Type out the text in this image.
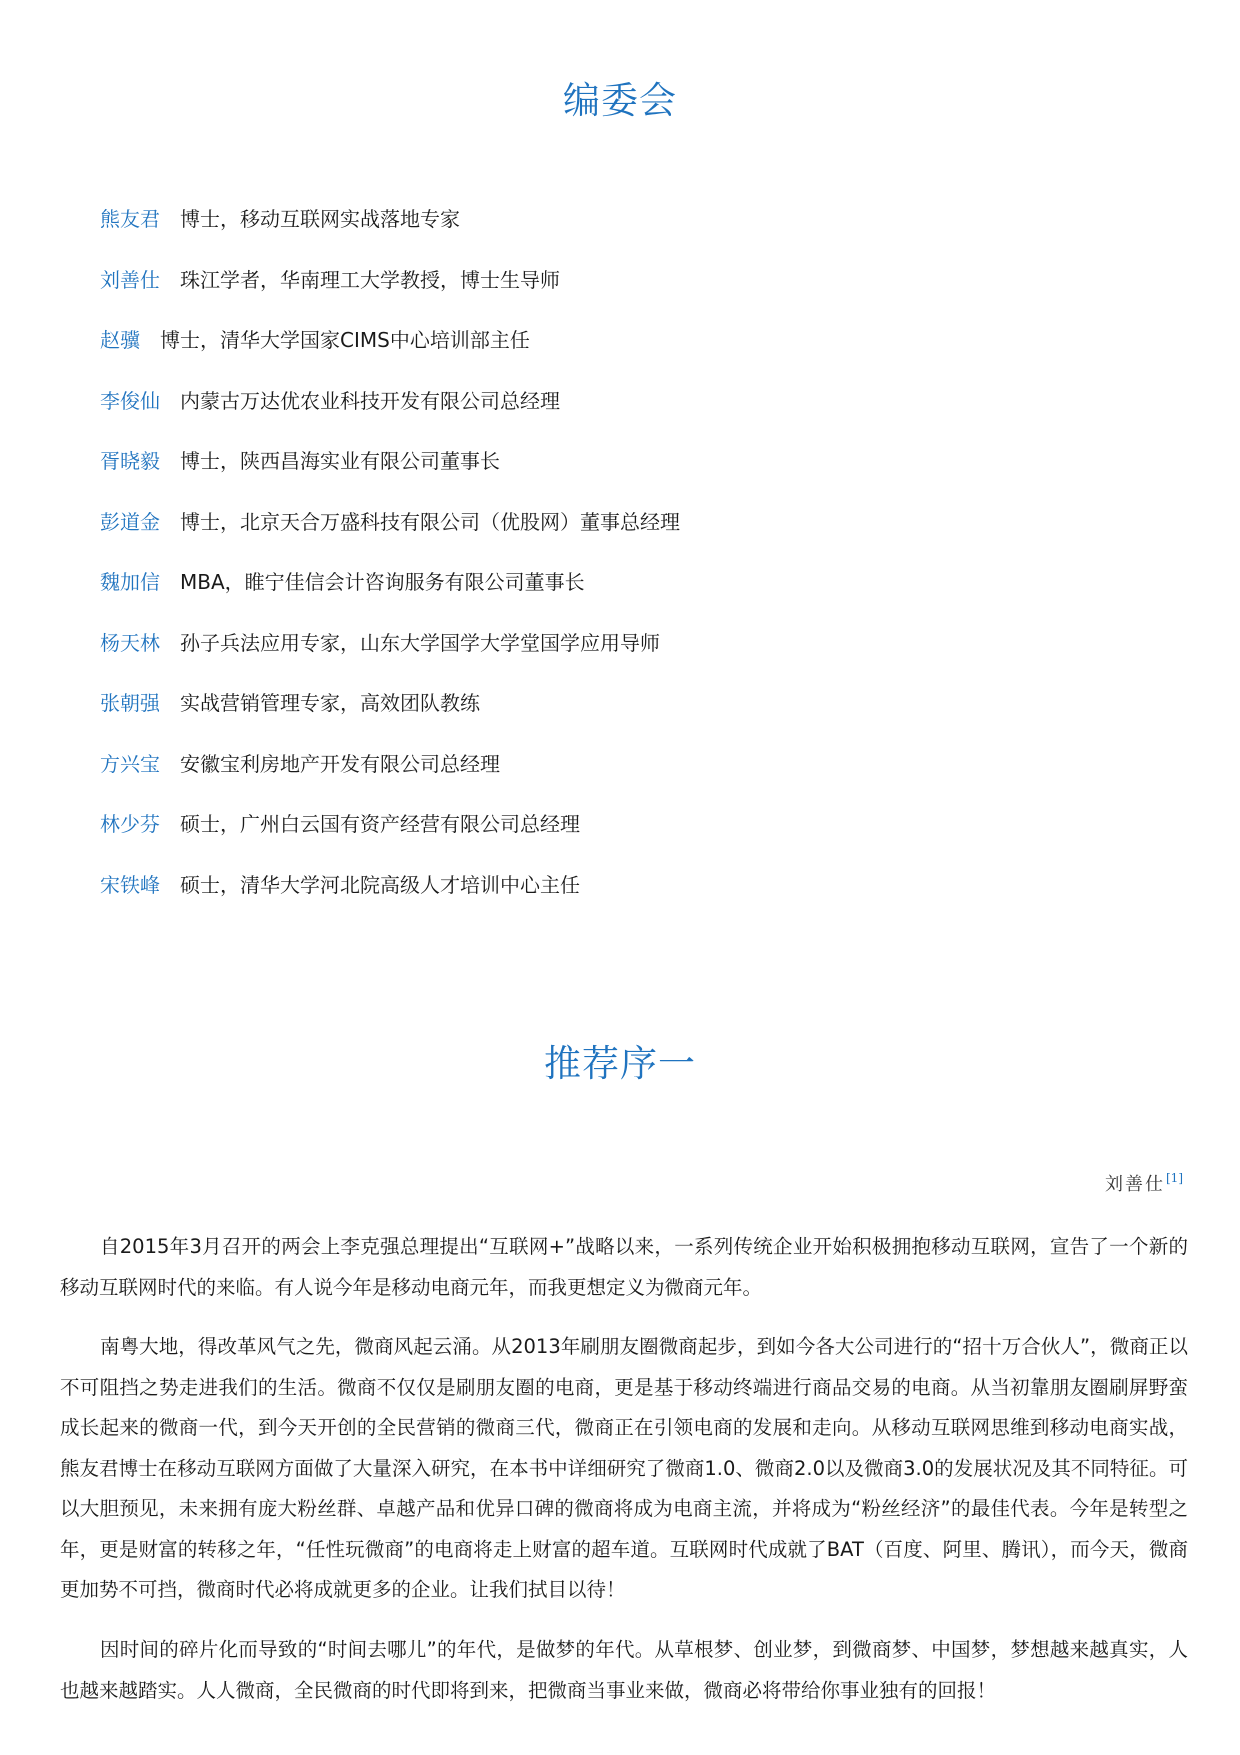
编委会
熊友君 博士，移动互联网实战落地专家
刘善仕 珠江学者，华南理工大学教授，博士生导师
赵骥 博士，清华大学国家CIMS中心培训部主任
李俊仙 内蒙古万达优农业科技开发有限公司总经理
胥晓毅 博士，陕西昌海实业有限公司董事长
彭道金 博士，北京天合万盛科技有限公司（优股网）董事总经理
魏加信 MBA，睢宁佳信会计咨询服务有限公司董事长
杨天林 孙子兵法应用专家，山东大学国学大学堂国学应用导师
张朝强 实战营销管理专家，高效团队教练
方兴宝 安徽宝利房地产开发有限公司总经理
林少芬 硕士，广州白云国有资产经营有限公司总经理
宋铁峰 硕士，清华大学河北院高级人才培训中心主任
推荐序一
刘善仕[1]

自2015年3月召开的两会上李克强总理提出“互联网+”战略以来，一系列传统企业开始积极拥抱移动互联网，宣告了一个新的移动互联网时代的来临。有人说今年是移动电商元年，而我更想定义为微商元年。

南粤大地，得改革风气之先，微商风起云涌。从2013年刷朋友圈微商起步，到如今各大公司进行的“招十万合伙人”，微商正以不可阻挡之势走进我们的生活。微商不仅仅是刷朋友圈的电商，更是基于移动终端进行商品交易的电商。从当初靠朋友圈刷屏野蛮成长起来的微商一代，到今天开创的全民营销的微商三代，微商正在引领电商的发展和走向。从移动互联网思维到移动电商实战，熊友君博士在移动互联网方面做了大量深入研究，在本书中详细研究了微商1.0、微商2.0以及微商3.0的发展状况及其不同特征。可以大胆预见，未来拥有庞大粉丝群、卓越产品和优异口碑的微商将成为电商主流，并将成为“粉丝经济”的最佳代表。今年是转型之年，更是财富的转移之年，“任性玩微商”的电商将走上财富的超车道。互联网时代成就了BAT（百度、阿里、腾讯），而今天，微商更加势不可挡，微商时代必将成就更多的企业。让我们拭目以待！

因时间的碎片化而导致的“时间去哪儿”的年代，是做梦的年代。从草根梦、创业梦，到微商梦、中国梦，梦想越来越真实，人也越来越踏实。人人微商，全民微商的时代即将到来，把微商当事业来做，微商必将带给你事业独有的回报！
